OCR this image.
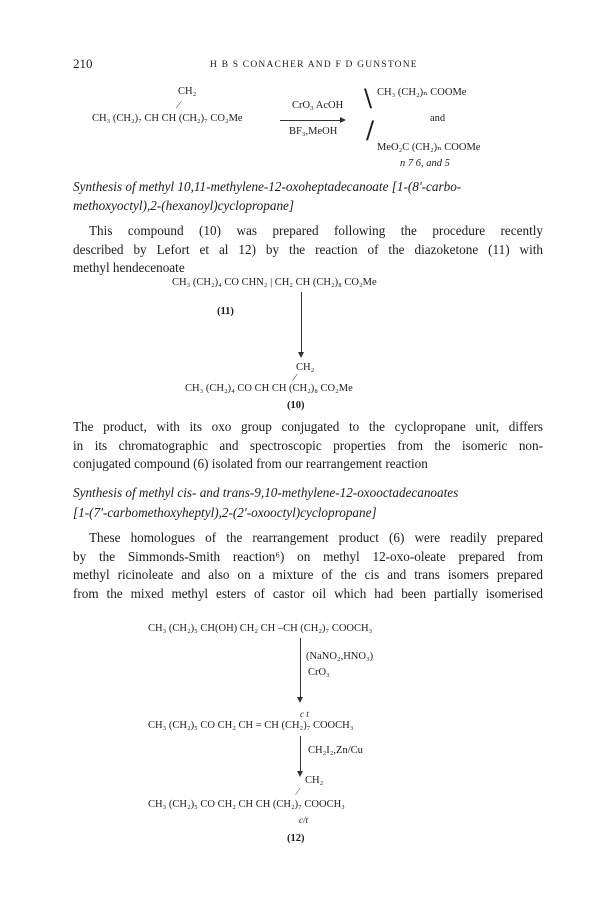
210	H B S CONACHER AND F D GUNSTONE
CH₂
⁄
CH₃ (CH₂)₇ CH CH (CH₂)₇ CO₂Me
CrO₃ AcOH
BF₃,MeOH
\
/
CH₃ (CH₂)ₙ COOMe
and
MeO₂C (CH₂)ₙ COOMe
n 7 6, and 5
Synthesis of methyl 10,11-methylene-12-oxoheptadecanoate [1-(8'-carbo-
methoxyoctyl),2-(hexanoyl)cyclopropane]
This compound (10) was prepared following the procedure recently
described by Lefort et al 12) by the reaction of the diazoketone (11) with
methyl hendecenoate
CH₃ (CH₂)₄ CO CHN₂ | CH₂ CH (CH₂)₈ CO₂Me
(11)
CH₂
⁄
CH₃ (CH₂)₄ CO CH CH (CH₂)₈ CO₂Me
(10)
The product, with its oxo group conjugated to the cyclopropane unit, differs
in its chromatographic and spectroscopic properties from the isomeric non-
conjugated compound (6) isolated from our rearrangement reaction
Synthesis of methyl cis- and trans-9,10-methylene-12-oxooctadecanoates
[1-(7'-carbomethoxyheptyl),2-(2'-oxooctyl)cyclopropane]
These homologues of the rearrangement product (6) were readily prepared
by the Simmonds-Smith reaction⁶) on methyl 12-oxo-oleate prepared from
methyl ricinoleate and also on a mixture of the cis and trans isomers prepared
from the mixed methyl esters of castor oil which had been partially isomerised
CH₃ (CH₂)₅ CH(OH) CH₂ CH –CH (CH₂)₇ COOCH₃
(NaNO₂,HNO₃)
CrO₃
c t
CH₃ (CH₂)₅ CO CH₂ CH = CH (CH₂)₇ COOCH₃
CH₂I₂,Zn/Cu
CH₂
⁄
CH₃ (CH₂)₅ CO CH₂ CH CH (CH₂)₇ COOCH₃
c/t
(12)
